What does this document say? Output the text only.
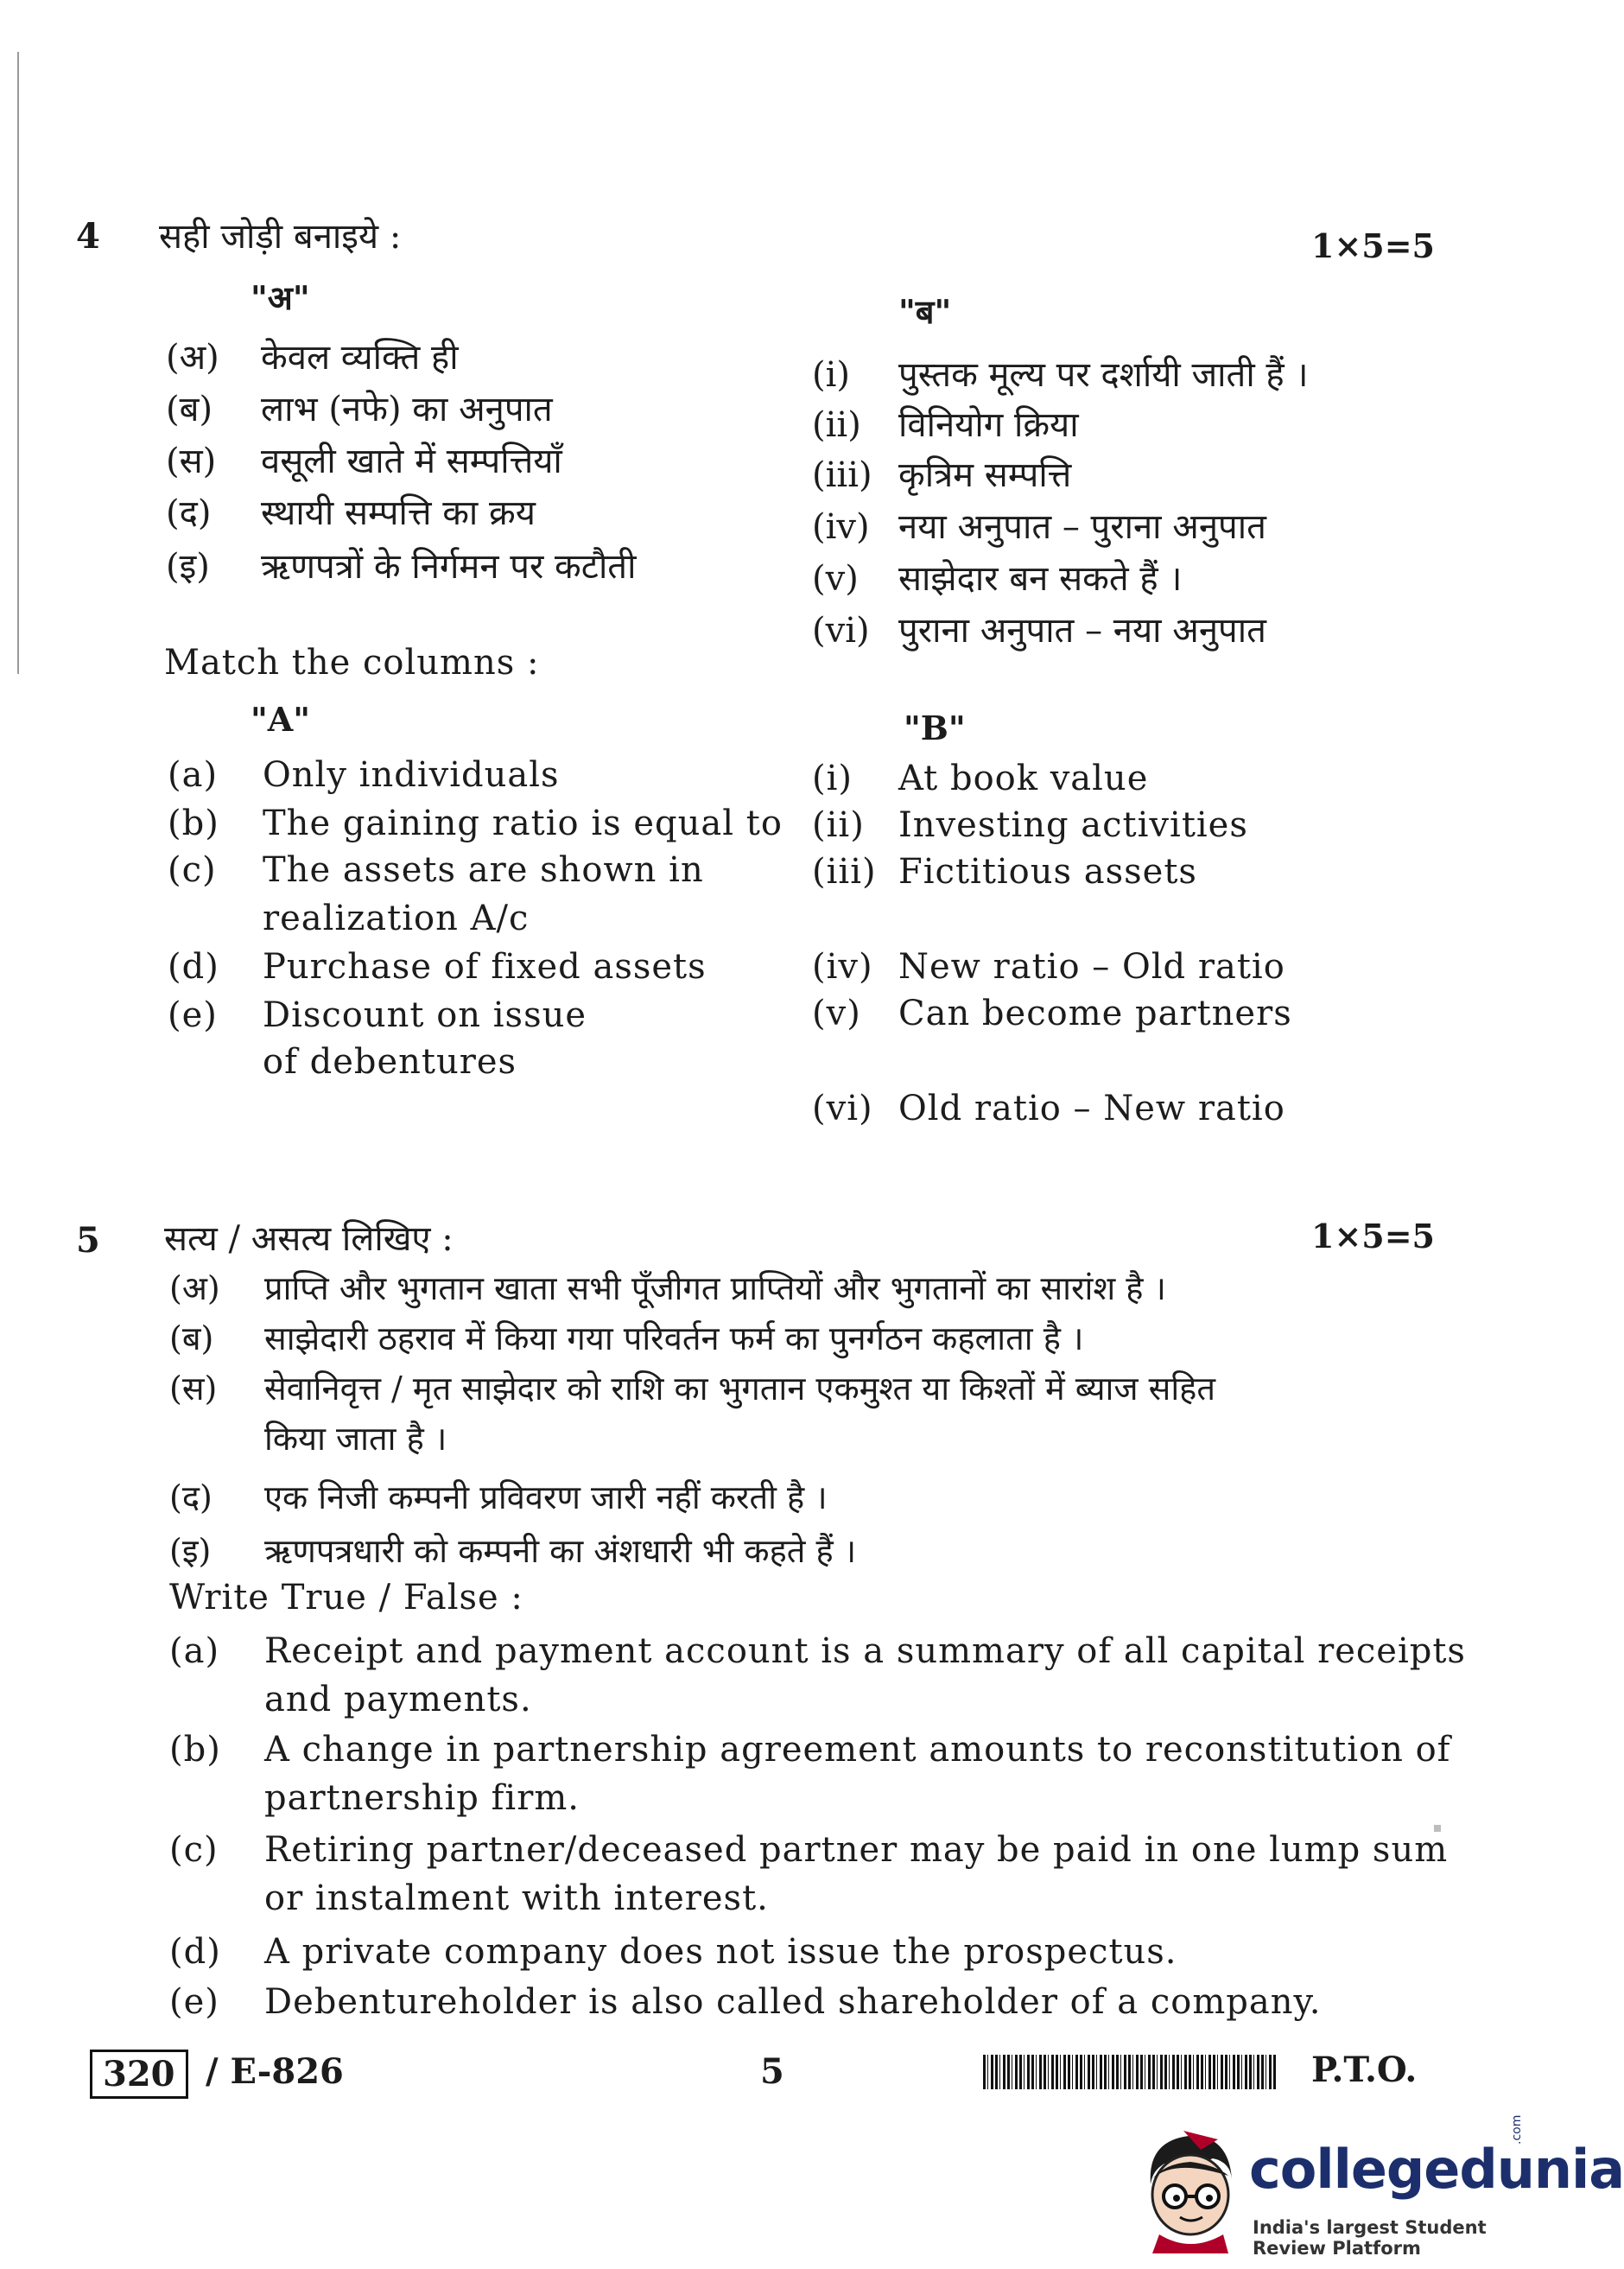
4 सही जोड़ी बनाइये :	1×5=5
"अ"	"ब"
(अ) केवल व्यक्ति ही
(ब) लाभ (नफे) का अनुपात
(स) वसूली खाते में सम्पत्तियाँ
(द) स्थायी सम्पत्ति का क्रय
(इ) ऋणपत्रों के निर्गमन पर कटौती
(i) पुस्तक मूल्य पर दर्शायी जाती हैं ।
(ii) विनियोग क्रिया
(iii) कृत्रिम सम्पत्ति
(iv) नया अनुपात – पुराना अनुपात
(v) साझेदार बन सकते हैं ।
(vi) पुराना अनुपात – नया अनुपात
Match the columns :
"A"	"B"
(a) Only individuals
(b) The gaining ratio is equal to
(c) The assets are shown in
realization A/c
(d) Purchase of fixed assets
(e) Discount on issue
of debentures
(i) At book value
(ii) Investing activities
(iii) Fictitious assets
(iv) New ratio – Old ratio
(v) Can become partners
(vi) Old ratio – New ratio
5 सत्य / असत्य लिखिए :	1×5=5
(अ) प्राप्ति और भुगतान खाता सभी पूँजीगत प्राप्तियों और भुगतानों का सारांश है ।
(ब) साझेदारी ठहराव में किया गया परिवर्तन फर्म का पुनर्गठन कहलाता है ।
(स) सेवानिवृत्त / मृत साझेदार को राशि का भुगतान एकमुश्त या किश्तों में ब्याज सहित
किया जाता है ।
(द) एक निजी कम्पनी प्रविवरण जारी नहीं करती है ।
(इ) ऋणपत्रधारी को कम्पनी का अंशधारी भी कहते हैं ।
Write True / False :
(a) Receipt and payment account is a summary of all capital receipts
and payments.
(b) A change in partnership agreement amounts to reconstitution of
partnership firm.
(c) Retiring partner/deceased partner may be paid in one lump sum
or instalment with interest.
(d) A private company does not issue the prospectus.
(e) Debentureholder is also called shareholder of a company.
320 / E-826	5	P.T.O.
collegedunia
.com
India's largest Student Review Platform
